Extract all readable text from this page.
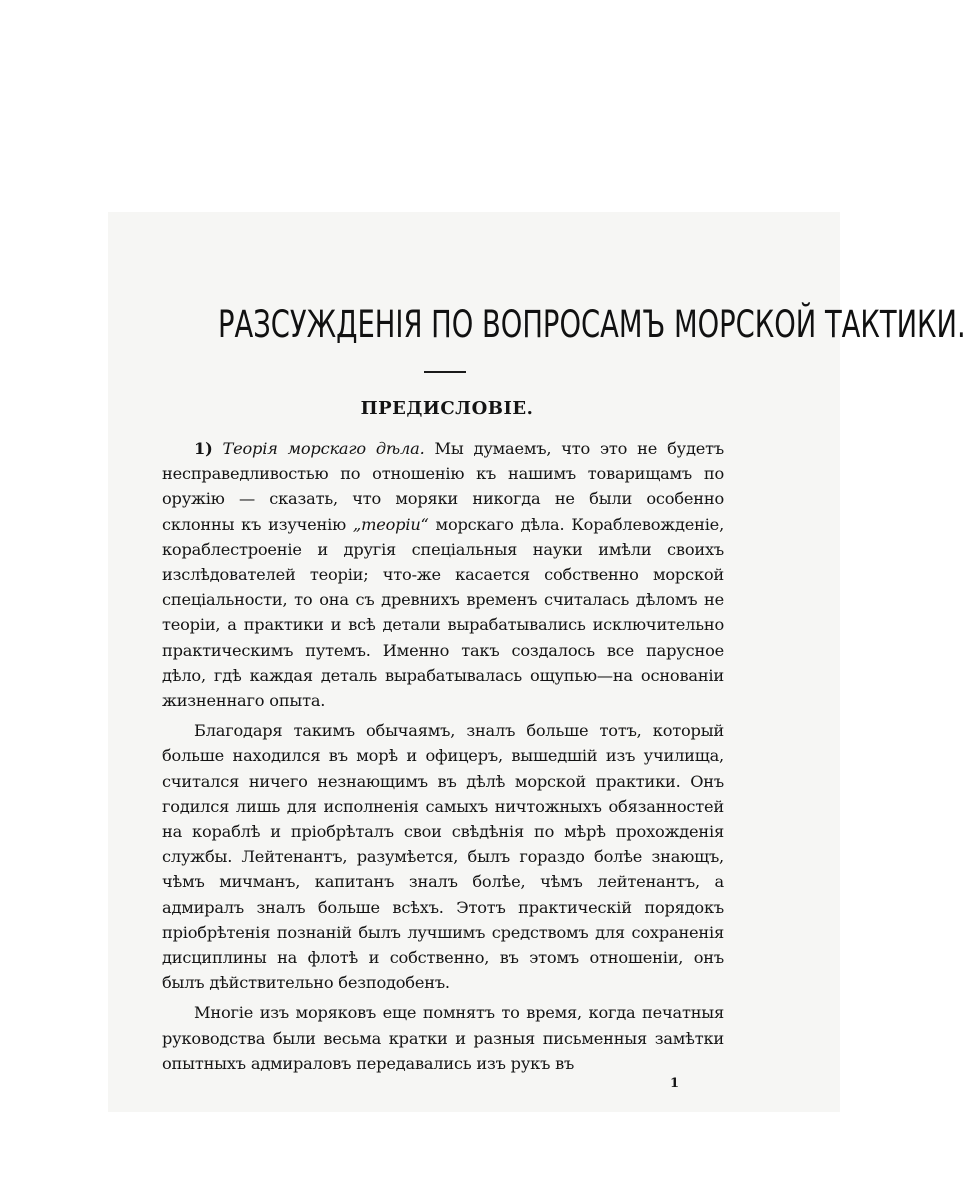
РАЗСУЖДЕНІЯ ПО ВОПРОСАМЪ МОРСКОЙ ТАКТИКИ.
ПРЕДИСЛОВІЕ.

1) Теорія морскаго дѣла. Мы думаемъ, что это не будетъ несправедливостью по отношенію къ нашимъ товарищамъ по оружію — сказать, что моряки никогда не были особенно склонны къ изученію „теоріи“ морскаго дѣла. Кораблевожденіе, кораблестроеніе и другія спеціальныя науки имѣли своихъ изслѣдователей теоріи; что-же касается собственно морской спеціальности, то она съ древнихъ временъ считалась дѣломъ не теоріи, а практики и всѣ детали вырабатывались исключительно практическимъ путемъ. Именно такъ создалось все парусное дѣло, гдѣ каждая деталь вырабатывалась ощупью—на основаніи жизненнаго опыта.

Благодаря такимъ обычаямъ, зналъ больше тотъ, который больше находился въ морѣ и офицеръ, вышедшій изъ училища, считался ничего незнающимъ въ дѣлѣ морской практики. Онъ годился лишь для исполненія самыхъ ничтожныхъ обязанностей на кораблѣ и пріобрѣталъ свои свѣдѣнія по мѣрѣ прохожденія службы. Лейтенантъ, разумѣется, былъ гораздо болѣе знающъ, чѣмъ мичманъ, капитанъ зналъ болѣе, чѣмъ лейтенантъ, а адмиралъ зналъ больше всѣхъ. Этотъ практическій порядокъ пріобрѣтенія познаній былъ лучшимъ средствомъ для сохраненія дисциплины на флотѣ и собственно, въ этомъ отношеніи, онъ былъ дѣйствительно безподобенъ.

Многіе изъ моряковъ еще помнятъ то время, когда печатныя руководства были весьма кратки и разныя письменныя замѣтки опытныхъ адмираловъ передавались изъ рукъ въ

1
